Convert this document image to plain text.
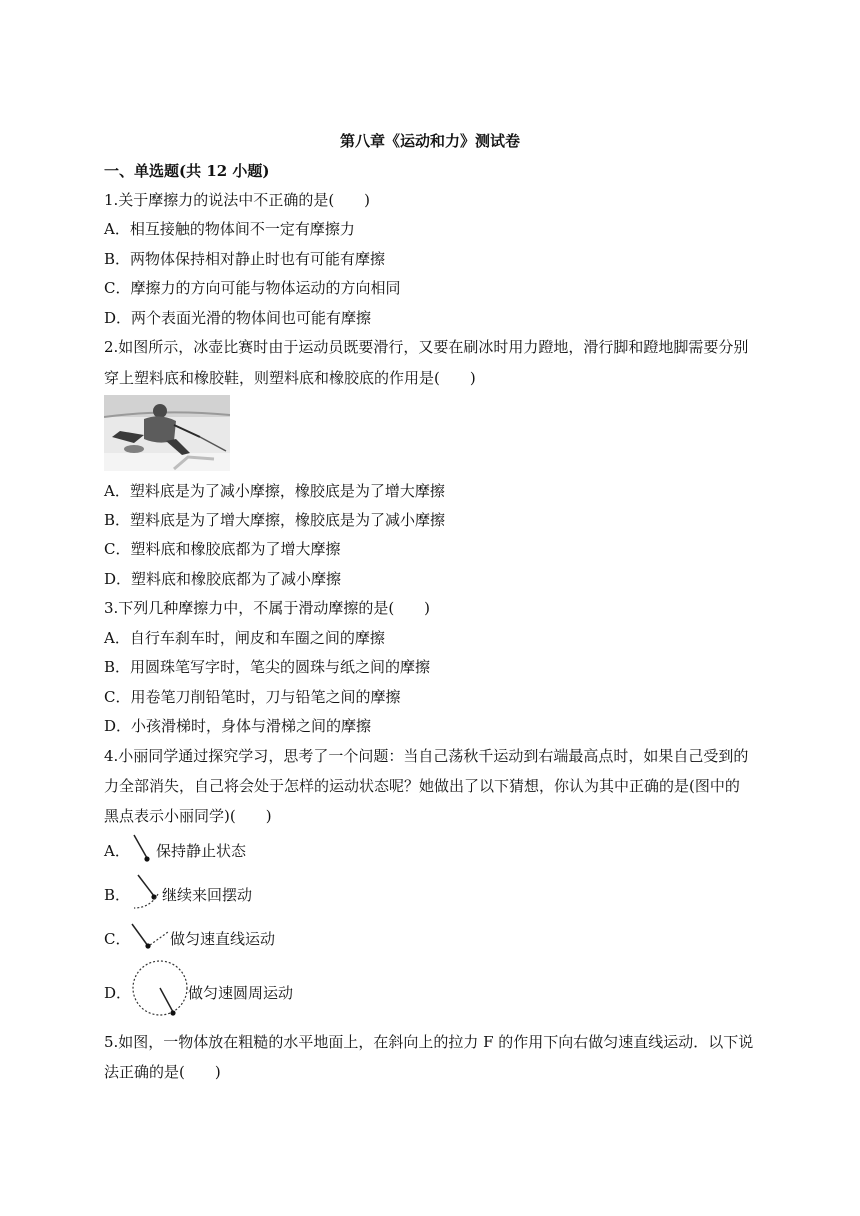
第八章《运动和力》测试卷
一、单选题(共 12 小题)
1.关于摩擦力的说法中不正确的是(　　)
A．相互接触的物体间不一定有摩擦力
B．两物体保持相对静止时也有可能有摩擦
C．摩擦力的方向可能与物体运动的方向相同
D．两个表面光滑的物体间也可能有摩擦
2.如图所示，冰壶比赛时由于运动员既要滑行，又要在刷冰时用力蹬地，滑行脚和蹬地脚需要分别
穿上塑料底和橡胶鞋，则塑料底和橡胶底的作用是(　　)
A．塑料底是为了减小摩擦，橡胶底是为了增大摩擦
B．塑料底是为了增大摩擦，橡胶底是为了减小摩擦
C．塑料底和橡胶底都为了增大摩擦
D．塑料底和橡胶底都为了减小摩擦
3.下列几种摩擦力中，不属于滑动摩擦的是(　　)
A．自行车刹车时，闸皮和车圈之间的摩擦
B．用圆珠笔写字时，笔尖的圆珠与纸之间的摩擦
C．用卷笔刀削铅笔时，刀与铅笔之间的摩擦
D．小孩滑梯时，身体与滑梯之间的摩擦
4.小丽同学通过探究学习，思考了一个问题：当自己荡秋千运动到右端最高点时，如果自己受到的
力全部消失，自己将会处于怎样的运动状态呢？她做出了以下猜想，你认为其中正确的是(图中的
黑点表示小丽同学)(　　)
A． 保持静止状态
B． 继续来回摆动
C．	做匀速直线运动
D．	做匀速圆周运动
5.如图，一物体放在粗糙的水平地面上，在斜向上的拉力 F 的作用下向右做匀速直线运动．以下说
法正确的是(　　)
